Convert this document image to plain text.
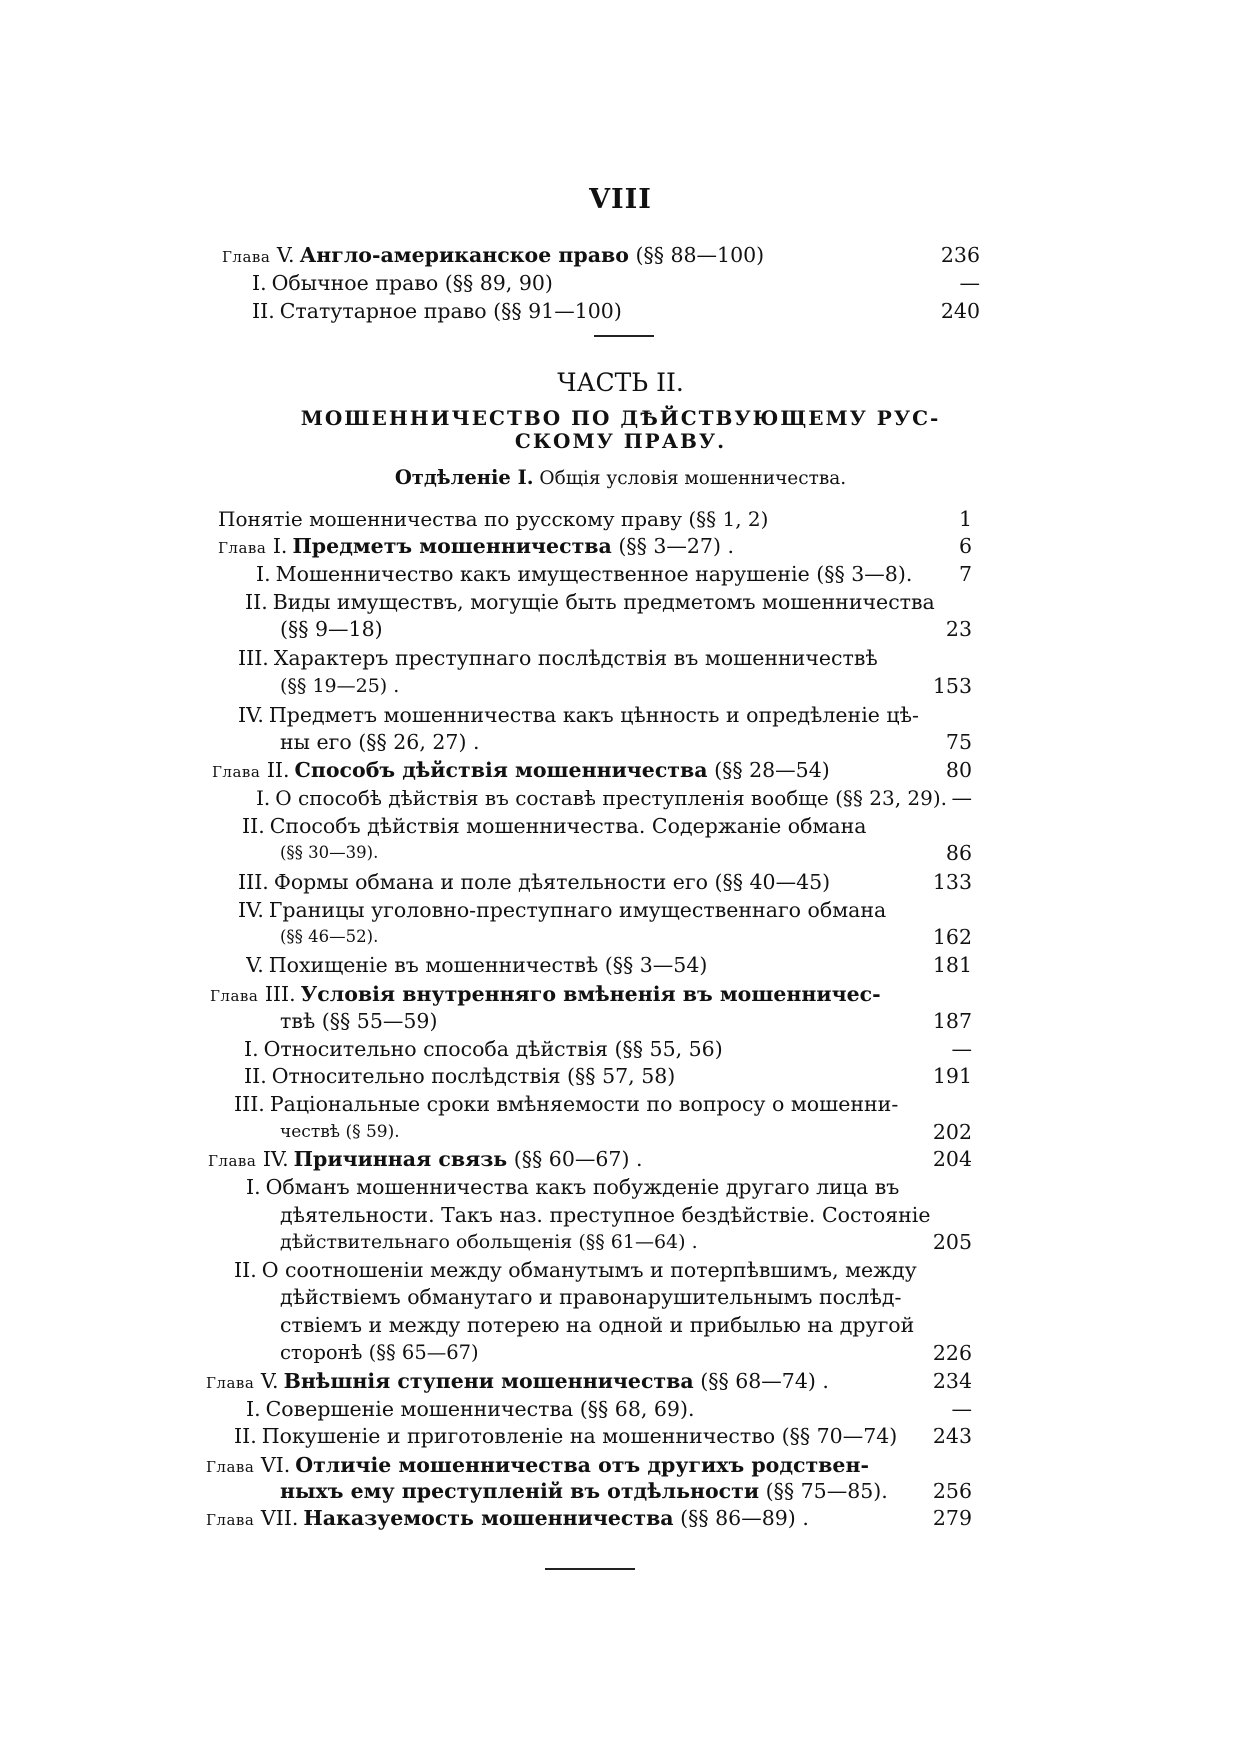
VIII
Глава V. Англо-американское право (§§ 88—100)	236
I. Обычное право (§§ 89, 90)	—
II. Статутарное право (§§ 91—100)	240
ЧАСТЬ II.
МОШЕННИЧЕСТВО ПО ДѢЙСТВУЮЩЕМУ РУС-
СКОМУ ПРАВУ.
Отдѣленіе I. Общія условія мошенничества.
Понятіе мошенничества по русскому праву (§§ 1, 2)	1
Глава I. Предметъ мошенничества (§§ 3—27) .	6
I. Мошенничество какъ имущественное нарушеніе (§§ 3—8).	7
II. Виды имуществъ, могущіе быть предметомъ мошенничества
(§§ 9—18)	23
III. Характеръ преступнаго послѣдствія въ мошенничествѣ
(§§ 19—25) .	153
IV. Предметъ мошенничества какъ цѣнность и опредѣленіе цѣ-
ны его (§§ 26, 27) .	75
Глава II. Способъ дѣйствія мошенничества (§§ 28—54)	80
I. О способѣ дѣйствія въ составѣ преступленія вообще (§§ 23, 29). —
II. Способъ дѣйствія мошенничества. Содержаніе обмана
(§§ 30—39).	86
III. Формы обмана и поле дѣятельности его (§§ 40—45)	133
IV. Границы уголовно-преступнаго имущественнаго обмана
(§§ 46—52).	162
V. Похищеніе въ мошенничествѣ (§§ 3—54)	181
Глава III. Условія внутренняго вмѣненія въ мошенничес-
твѣ (§§ 55—59)	187
I. Относительно способа дѣйствія (§§ 55, 56)	—
II. Относительно послѣдствія (§§ 57, 58)	191
III. Раціональные сроки вмѣняемости по вопросу о мошенни-
чествѣ (§ 59).	202
Глава IV. Причинная связь (§§ 60—67) .	204
I. Обманъ мошенничества какъ побужденіе другаго лица въ
дѣятельности. Такъ наз. преступное бездѣйствіе. Состояніе
дѣйствительнаго обольщенія (§§ 61—64) .	205
II. О соотношеніи между обманутымъ и потерпѣвшимъ, между
дѣйствіемъ обманутаго и правонарушительнымъ послѣд-
ствіемъ и между потерею на одной и прибылью на другой
сторонѣ (§§ 65—67)	226
Глава V. Внѣшнія ступени мошенничества (§§ 68—74) .	234
I. Совершеніе мошенничества (§§ 68, 69).	—
II. Покушеніе и приготовленіе на мошенничество (§§ 70—74)	243
Глава VI. Отличіе мошенничества отъ другихъ родствен-
ныхъ ему преступленій въ отдѣльности (§§ 75—85).	256
Глава VII. Наказуемость мошенничества (§§ 86—89) .	279
